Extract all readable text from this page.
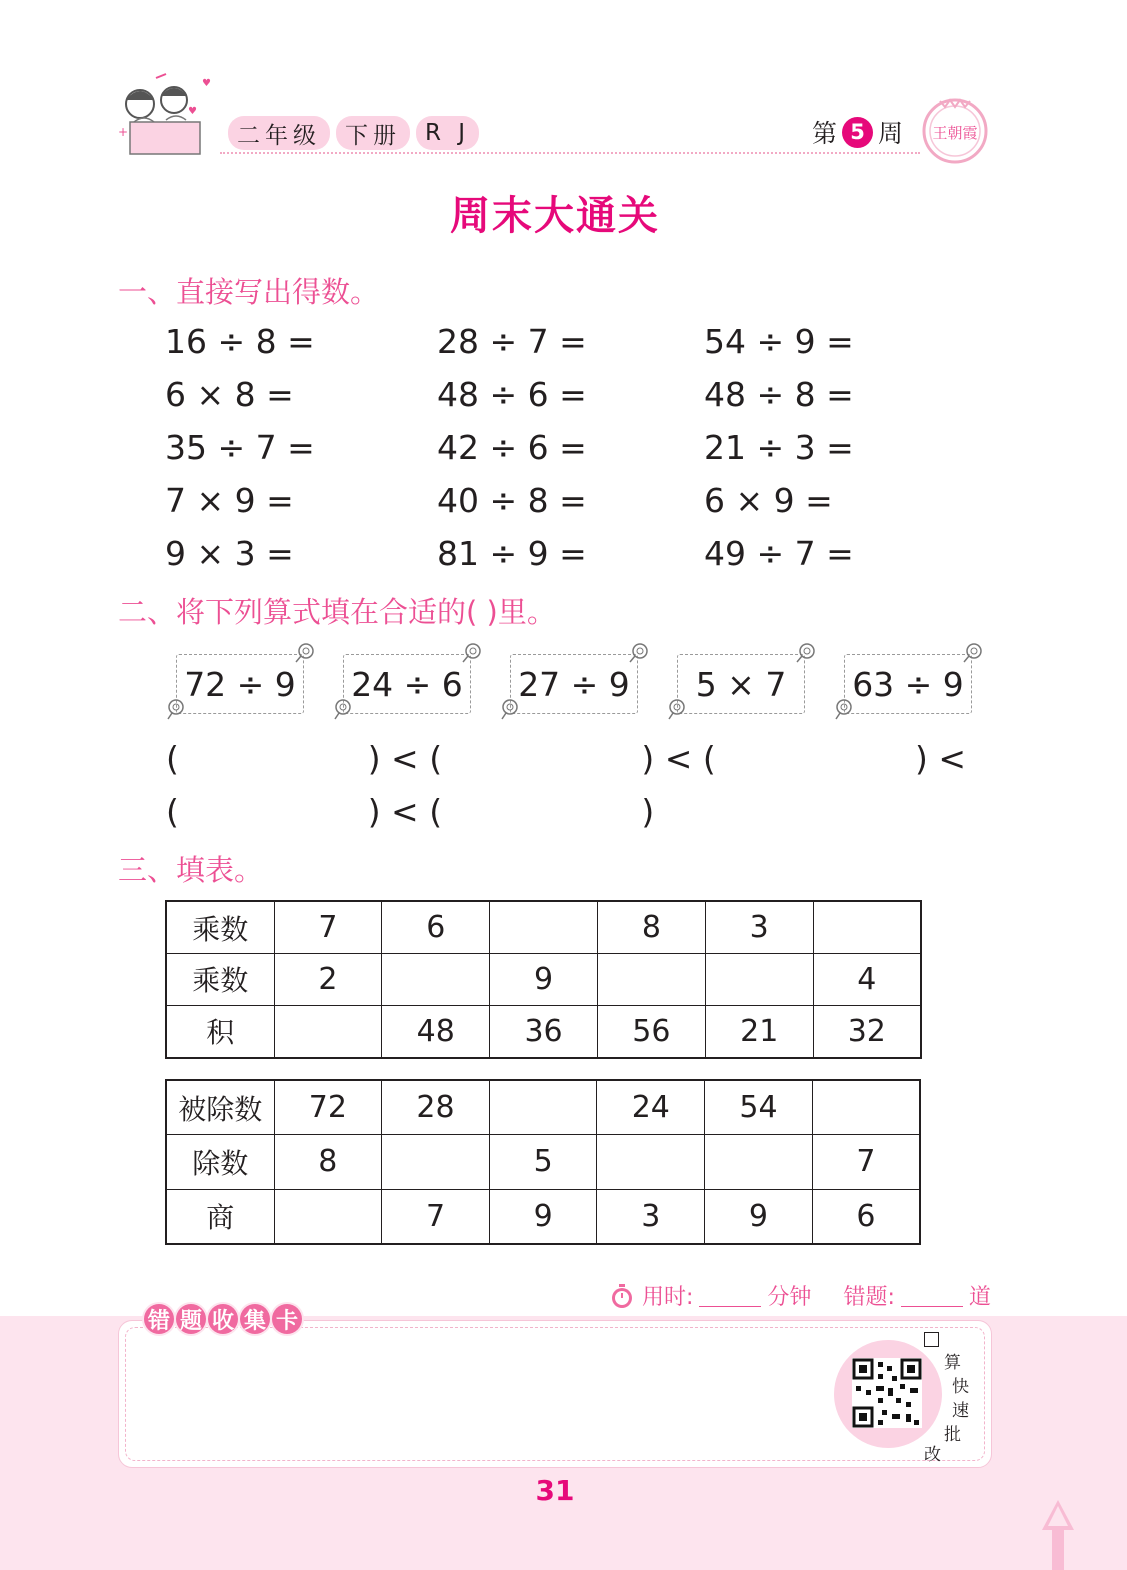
♥
+
♥
二年级	下册	R J	第 5 周 王朝霞
周末大通关
一、直接写出得数。
16 ÷ 8 =	28 ÷ 7 =	54 ÷ 9 =
6 × 8 =	48 ÷ 6 =	48 ÷ 8 =
35 ÷ 7 =	42 ÷ 6 =	21 ÷ 3 =
7 × 9 =	40 ÷ 8 =	6 × 9 =
9 × 3 =	81 ÷ 9 =	49 ÷ 7 =
二、将下列算式填在合适的( )里。
72 ÷ 9 24 ÷ 6 27 ÷ 9	5 × 7	63 ÷ 9
(                  ) < (                   ) < (                   ) <
(                  ) < (                   )
三、填表。
乘数	7	6		8	3	
乘数	2		9			4
积		48	36	56	21	32
被除数	72	28		24	54	
除数	8		5			7
商		7	9	3	9	6
用时:	分钟 错题:	道
错 题 收 集 卡
算
快
速
批
改
31
